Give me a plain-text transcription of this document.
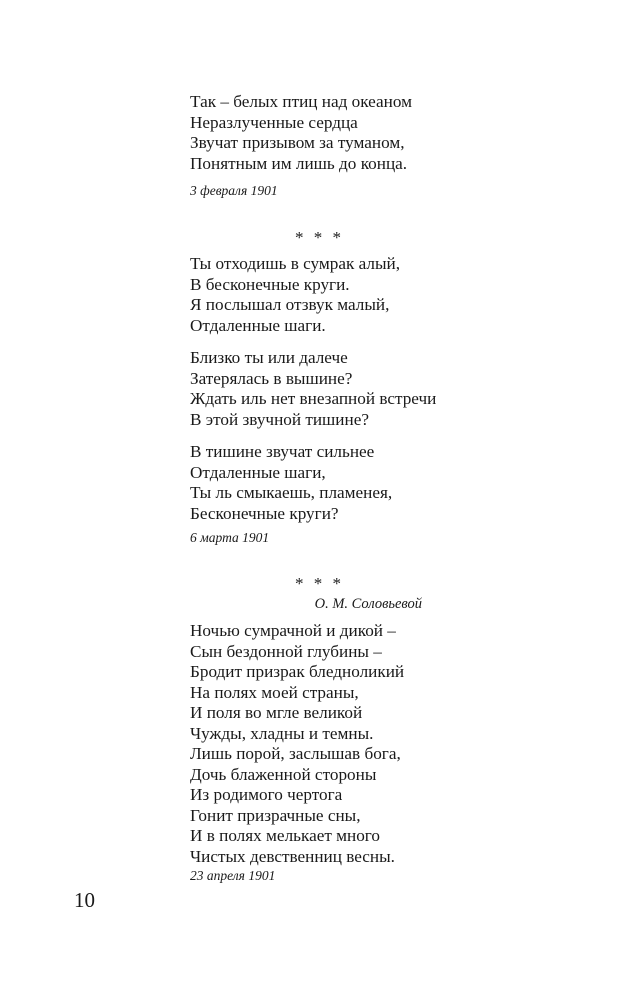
Так – белых птиц над океаном
Неразлученные сердца
Звучат призывом за туманом,
Понятным им лишь до конца.
3 февраля 1901
* * *
Ты отходишь в сумрак алый,
В бесконечные круги.
Я послышал отзвук малый,
Отдаленные шаги.
Близко ты или далече
Затерялась в вышине?
Ждать иль нет внезапной встречи
В этой звучной тишине?
В тишине звучат сильнее
Отдаленные шаги,
Ты ль смыкаешь, пламенея,
Бесконечные круги?
6 марта 1901
* * *
О. М. Соловьевой
Ночью сумрачной и дикой –
Сын бездонной глубины –
Бродит призрак бледноликий
На полях моей страны,
И поля во мгле великой
Чужды, хладны и темны.
Лишь порой, заслышав бога,
Дочь блаженной стороны
Из родимого чертога
Гонит призрачные сны,
И в полях мелькает много
Чистых девственниц весны.
23 апреля 1901
10
